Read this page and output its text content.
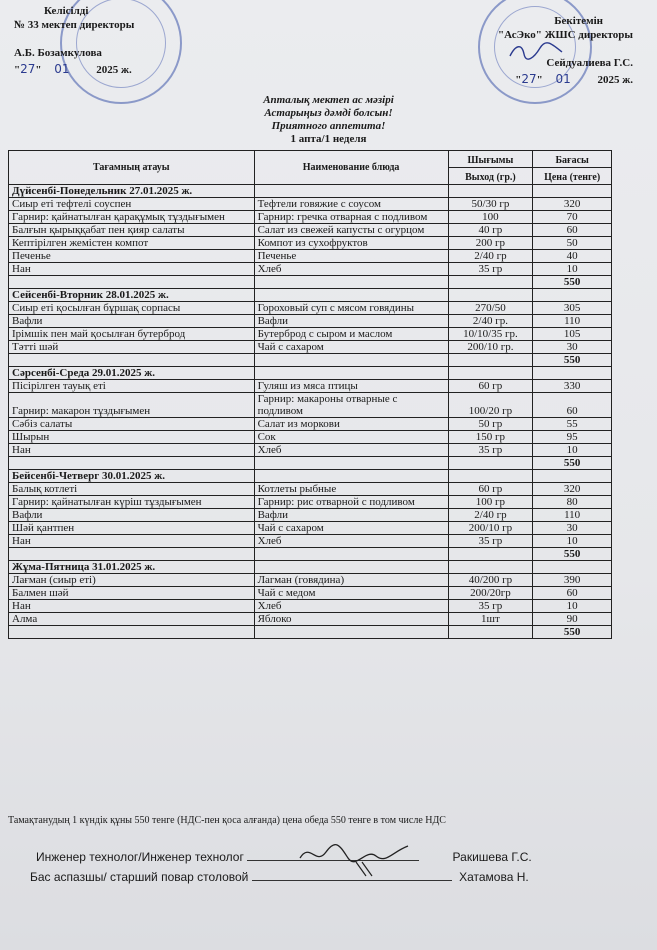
Келісілді
№ 33 мектеп директоры
А.Б. Бозамкулова
"27" 01 2025 ж.
Бекітемін
"АсЭко" ЖШС директоры
Сейдуалиева Г.С.
"27" 01 2025 ж.
Апталық мектеп ас мәзірі
Астарыңыз дәмді болсын!
Приятного аппетита!
1 апта/1 неделя
Тағамның атауы	Наименование блюда	Шығымы	Бағасы
		Выход (гр.)	Цена (тенге)
Дүйсенбі-Понедельник 27.01.2025 ж.			
Сиыр еті тефтелі соуспен	Тефтели говяжие с соусом	50/30 гр	320
Гарнир: қайнатылған қарақұмық тұздығымен	Гарнир: гречка отварная с подливом	100	70
Балғын қырыққабат пен қияр салаты	Салат из свежей капусты с огурцом	40 гр	60
Кептірілген жемістен компот	Компот из сухофруктов	200 гр	50
Печенье	Печенье	2/40 гр	40
Нан	Хлеб	35 гр	10
			550
Сейсенбі-Вторник 28.01.2025 ж.			
Сиыр еті қосылған бұршақ сорпасы	Гороховый суп с мясом говядины	270/50	305
Вафли	Вафли	2/40 гр.	110
Ірімшік пен май қосылған бутерброд	Бутерброд с сыром и маслом	10/10/35 гр.	105
Тәтті шәй	Чай с сахаром	200/10 гр.	30
			550
Сәрсенбі-Среда 29.01.2025 ж.			
Пісірілген тауық еті	Гуляш из мяса птицы	60 гр	330
Гарнир: макарон тұздығымен	Гарнир: макароны отварные с подливом	100/20 гр	60
Сәбіз салаты	Салат из моркови	50 гр	55
Шырын	Сок	150 гр	95
Нан	Хлеб	35 гр	10
			550
Бейсенбі-Четверг 30.01.2025 ж.			
Балық котлеті	Котлеты рыбные	60 гр	320
Гарнир: қайнатылған күріш тұздығымен	Гарнир: рис отварной с подливом	100 гр	80
Вафли	Вафли	2/40 гр	110
Шәй қантпен	Чай с сахаром	200/10 гр	30
Нан	Хлеб	35 гр	10
			550
Жұма-Пятница 31.01.2025 ж.			
Лағман (сиыр еті)	Лагман (говядина)	40/200 гр	390
Балмен шәй	Чай с медом	200/20гр	60
Нан	Хлеб	35 гр	10
Алма	Яблоко	1шт	90
			550
Тамақтанудың 1 күндік құны 550 тенге (НДС-пен қоса алғанда) цена обеда 550 тенге в том числе НДС
Инженер технолог/Инженер технолог	Ракишева Г.С.
Бас аспазшы/ старший повар столовой	Хатамова Н.
